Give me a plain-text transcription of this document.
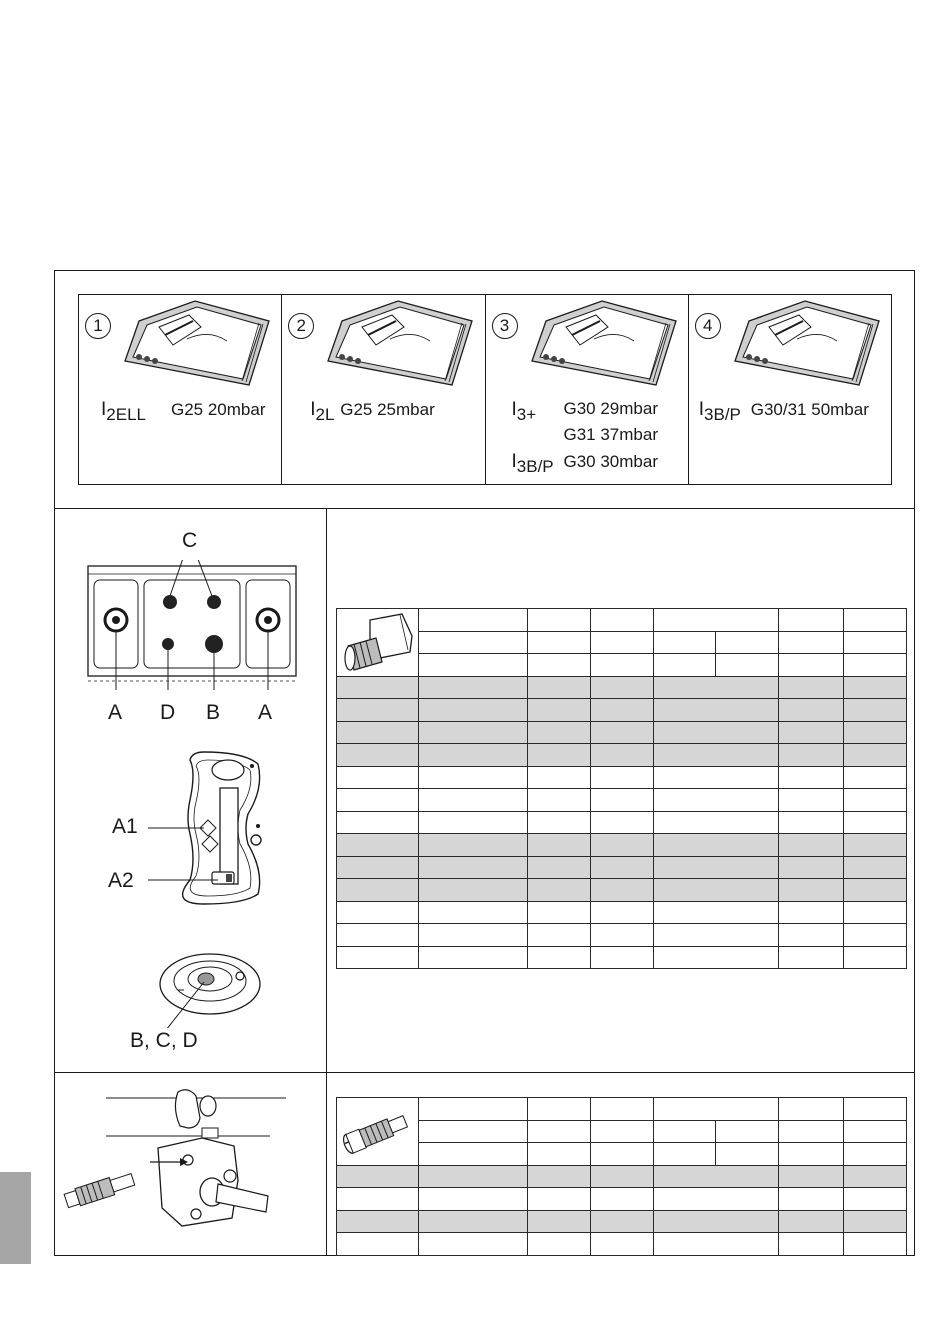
1
$I_{2ELL}$ G25 20mbar
2
$I_{2L}$ G25 25mbar
3
$I_{3+}$ G30 29mbar
G31 37mbar
$I_{3B/P}$ G30 30mbar
4
$I_{3B/P}$ G30/31 50mbar
C
A D B A
A1
A2
B, C, D
